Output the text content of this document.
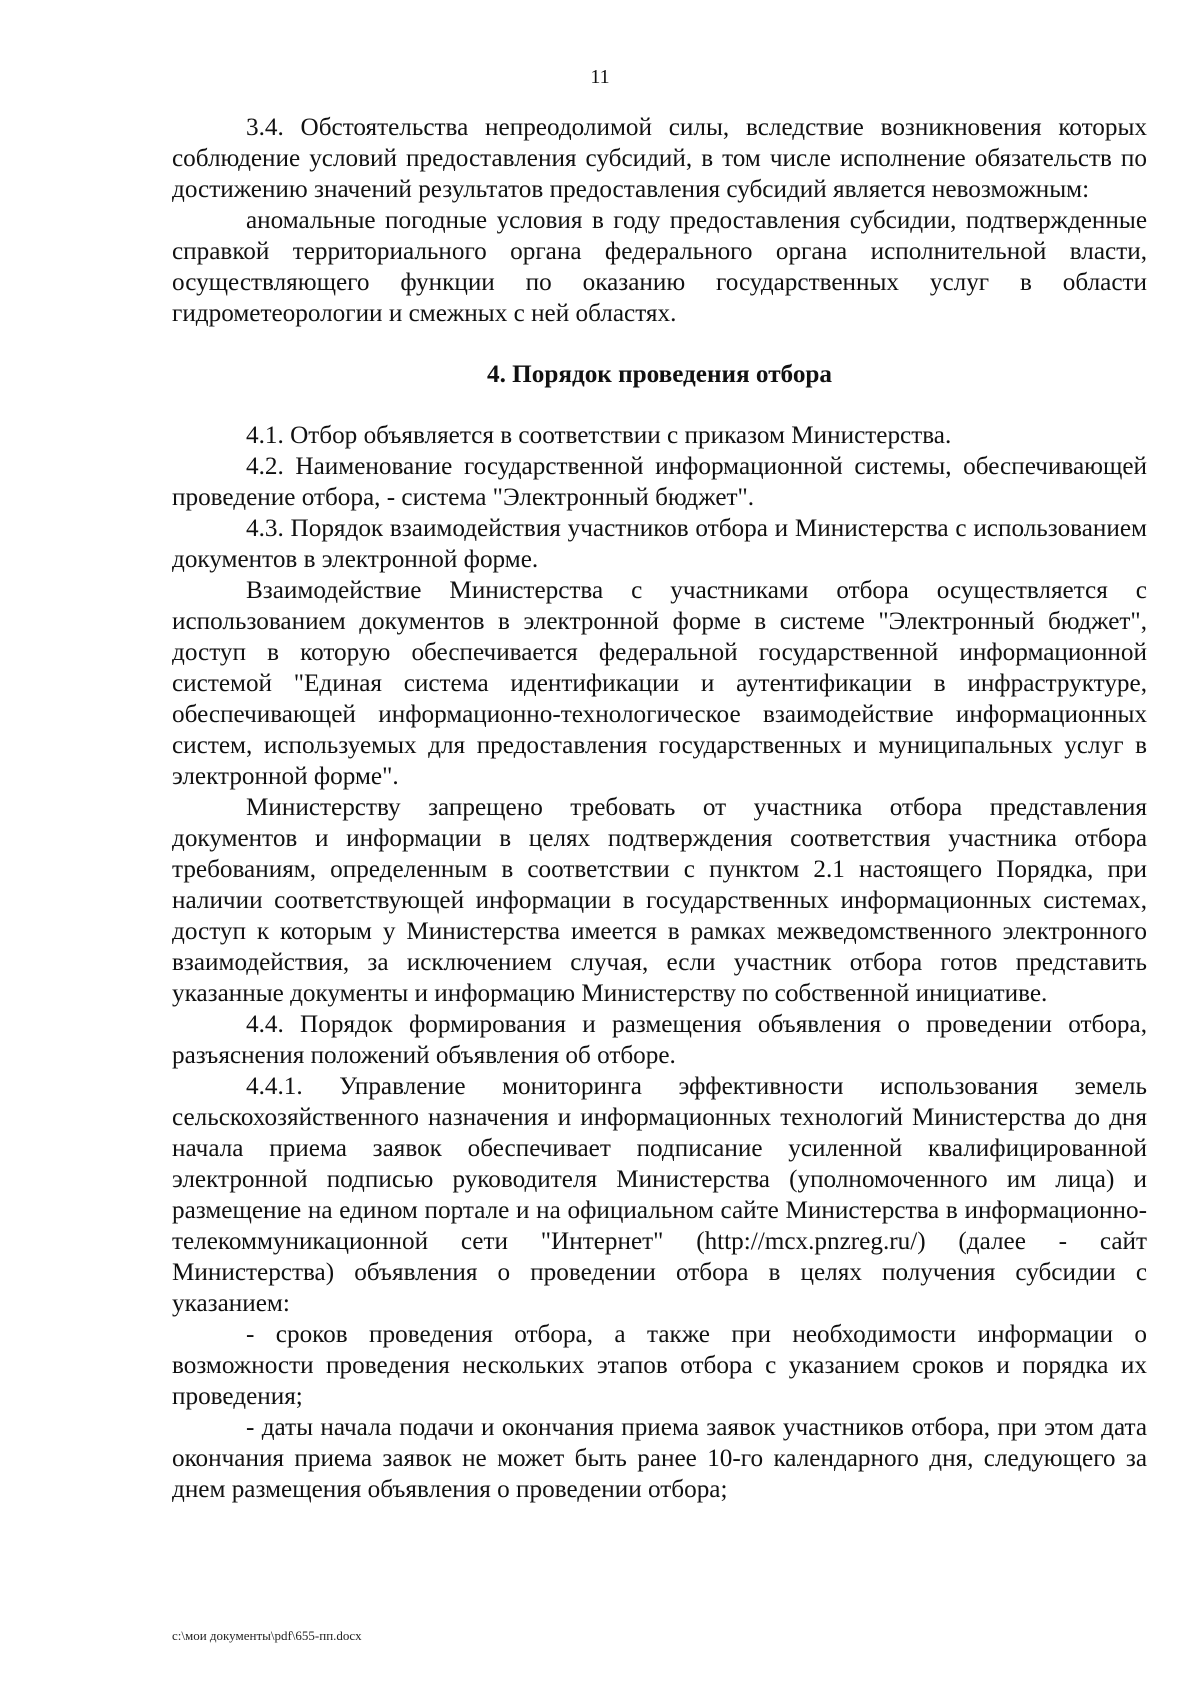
11

3.4. Обстоятельства непреодолимой силы, вследствие возникновения которых соблюдение условий предоставления субсидий, в том числе исполнение обязательств по достижению значений результатов предоставления субсидий является невозможным:

аномальные погодные условия в году предоставления субсидии, подтвержденные справкой территориального органа федерального органа исполнительной власти, осуществляющего функции по оказанию государственных услуг в области гидрометеорологии и смежных с ней областях.

4. Порядок проведения отбора

4.1. Отбор объявляется в соответствии с приказом Министерства.

4.2. Наименование государственной информационной системы, обеспечивающей проведение отбора, - система "Электронный бюджет".

4.3. Порядок взаимодействия участников отбора и Министерства с использованием документов в электронной форме.

Взаимодействие Министерства с участниками отбора осуществляется с использованием документов в электронной форме в системе "Электронный бюджет", доступ в которую обеспечивается федеральной государственной информационной системой "Единая система идентификации и аутентификации в инфраструктуре, обеспечивающей информационно-технологическое взаимодействие информационных систем, используемых для предоставления государственных и муниципальных услуг в электронной форме".

Министерству запрещено требовать от участника отбора представления документов и информации в целях подтверждения соответствия участника отбора требованиям, определенным в соответствии с пунктом 2.1 настоящего Порядка, при наличии соответствующей информации в государственных информационных системах, доступ к которым у Министерства имеется в рамках межведомственного электронного взаимодействия, за исключением случая, если участник отбора готов представить указанные документы и информацию Министерству по собственной инициативе.

4.4. Порядок формирования и размещения объявления о проведении отбора, разъяснения положений объявления об отборе.

4.4.1. Управление мониторинга эффективности использования земель сельскохозяйственного назначения и информационных технологий Министерства до дня начала приема заявок обеспечивает подписание усиленной квалифицированной электронной подписью руководителя Министерства (уполномоченного им лица) и размещение на едином портале и на официальном сайте Министерства в информационно-телекоммуникационной сети "Интернет" (http://mcx.pnzreg.ru/) (далее - сайт Министерства) объявления о проведении отбора в целях получения субсидии с указанием:

- сроков проведения отбора, а также при необходимости информации о возможности проведения нескольких этапов отбора с указанием сроков и порядка их проведения;

- даты начала подачи и окончания приема заявок участников отбора, при этом дата окончания приема заявок не может быть ранее 10-го календарного дня, следующего за днем размещения объявления о проведении отбора;

c:\мои документы\pdf\655-пп.docx
